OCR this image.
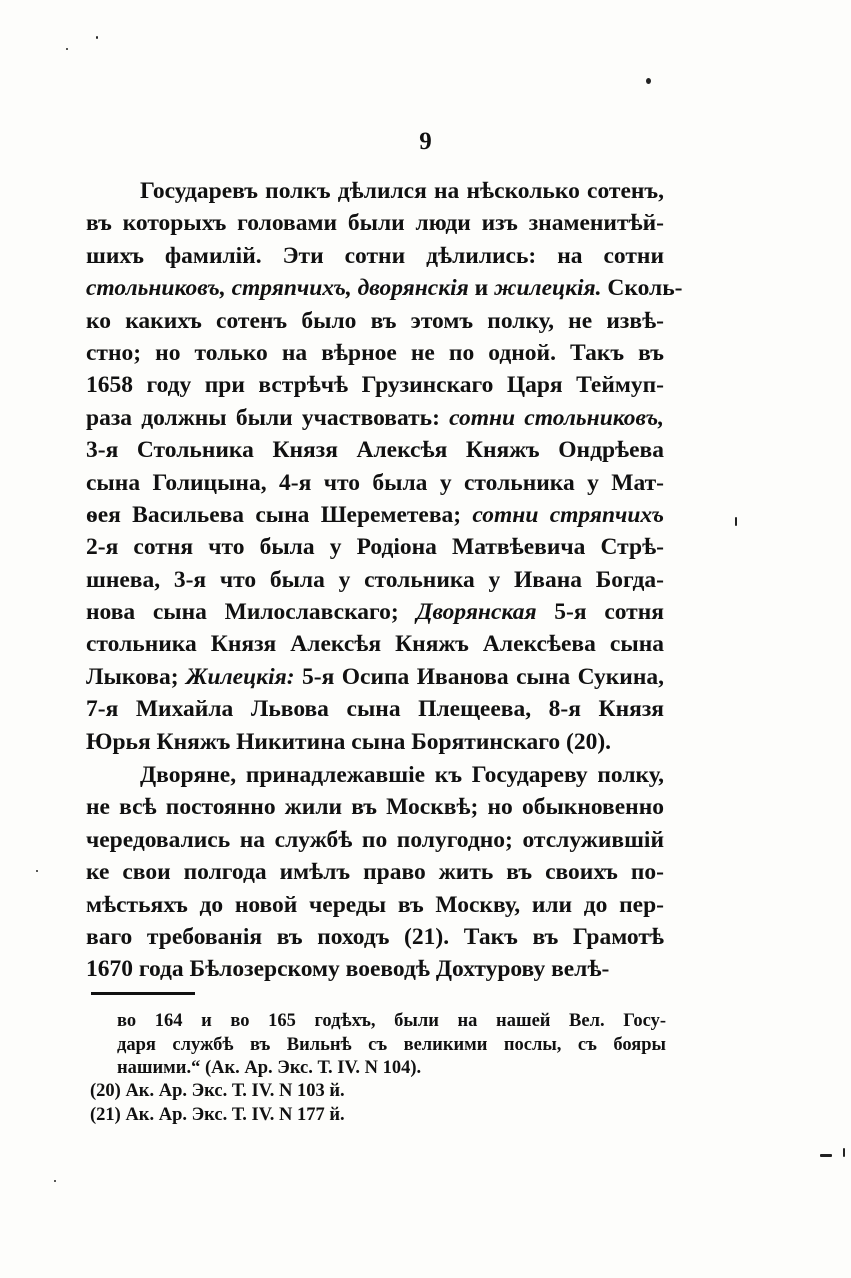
9
Государевъ полкъ дѣлился на нѣсколько сотенъ,
въ которыхъ головами были люди изъ знаменитѣй-
шихъ фамилій. Эти сотни дѣлились: на сотни
стольниковъ, стряпчихъ, дворянскія и жилецкія. Сколь-
ко какихъ сотенъ было въ этомъ полку, не извѣ-
стно; но только на вѣрное не по одной. Такъ въ
1658 году при встрѣчѣ Грузинскаго Царя Теймуп-
раза должны были участвовать: сотни стольниковъ,
3-я Стольника Князя Алексѣя Княжъ Ондрѣева
сына Голицына, 4-я что была у стольника у Мат-
ѳея Васильева сына Шереметева; сотни стряпчихъ
2-я сотня что была у Родіона Матвѣевича Стрѣ-
шнева, 3-я что была у стольника у Ивана Богда-
нова сына Милославскаго; Дворянская 5-я сотня
стольника Князя Алексѣя Княжъ Алексѣева сына
Лыкова; Жилецкія: 5-я Осипа Иванова сына Сукина,
7-я Михайла Львова сына Плещеева, 8-я Князя
Юрья Княжъ Никитина сына Борятинскаго (20).
Дворяне, принадлежавшіе къ Государеву полку,
не всѣ постоянно жили въ Москвѣ; но обыкновенно
чередовались на службѣ по полугодно; отслужившій
ке свои полгода имѣлъ право жить въ своихъ по-
мѣстьяхъ до новой череды въ Москву, или до пер-
ваго требованія въ походъ (21). Такъ въ Грамотѣ
1670 года Бѣлозерскому воеводѣ Дохтурову велѣ-
во 164 и во 165 годѣхъ, были на нашей Вел. Госу-
даря службѣ въ Вильнѣ съ великими послы, съ бояры
нашими.“ (Ак. Ар. Экс. Т. IV. N 104).
(20) Ак. Ар. Экс. Т. IV. N 103 й.
(21) Ак. Ар. Экс. Т. IV. N 177 й.
